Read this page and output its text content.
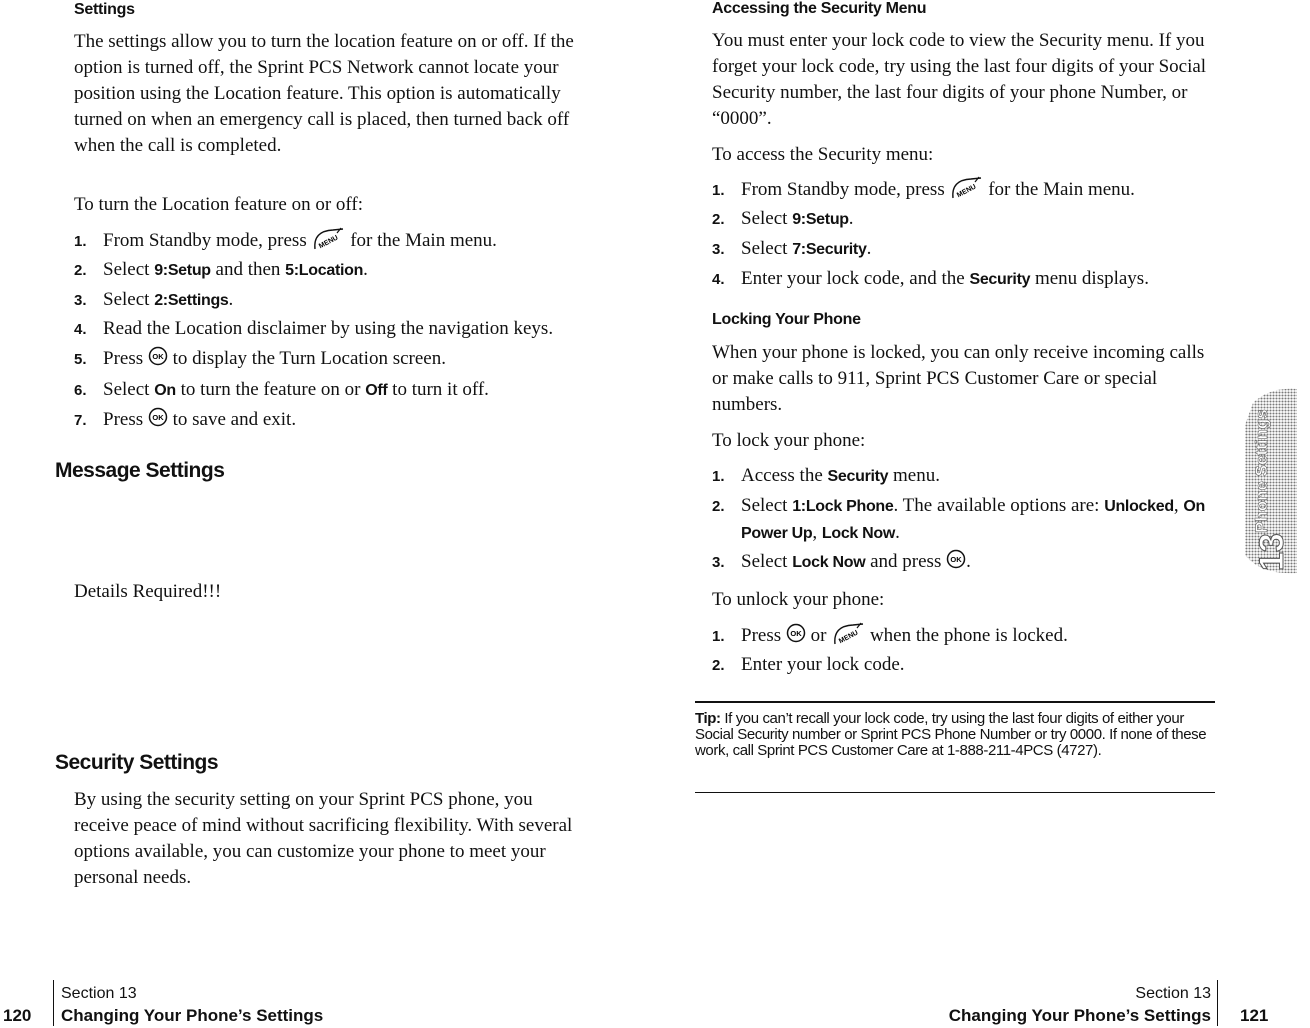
Settings
The settings allow you to turn the location feature on or off. If the option is turned off, the Sprint PCS Network cannot locate your position using the Location feature. This option is automatically turned on when an emergency call is placed, then turned back off when the call is completed.
To turn the Location feature on or off:
1. From Standby mode, press MENU for the Main menu.
2. Select 9:Setup and then 5:Location.
3. Select 2:Settings.
4. Read the Location disclaimer by using the navigation keys.
5. Press OK to display the Turn Location screen.
6. Select On to turn the feature on or Off to turn it off.
7. Press OK to save and exit.
Message Settings
Details Required!!!
Security Settings
By using the security setting on your Sprint PCS phone, you receive peace of mind without sacrificing flexibility. With several options available, you can customize your phone to meet your personal needs.
Accessing the Security Menu
You must enter your lock code to view the Security menu. If you forget your lock code, try using the last four digits of your Social Security number, the last four digits of your phone Number, or “0000”.
To access the Security menu:
1. From Standby mode, press MENU for the Main menu.
2. Select 9:Setup.
3. Select 7:Security.
4. Enter your lock code, and the Security menu displays.
Locking Your Phone
When your phone is locked, you can only receive incoming calls or make calls to 911, Sprint PCS Customer Care or special numbers.
To lock your phone:
1. Access the Security menu.
2. Select 1:Lock Phone. The available options are: Unlocked, On
Power Up, Lock Now.
3. Select Lock Now and press OK .
To unlock your phone:
1. Press OK or MENU when the phone is locked.
2. Enter your lock code.
Tip: If you can’t recall your lock code, try using the last four digits of either your Social Security number or Sprint PCS Phone Number or try 0000. If none of these work, call Sprint PCS Customer Care at 1-888-211-4PCS (4727).
13
Phone Settings
120
Section 13
Changing Your Phone’s Settings
Section 13
Changing Your Phone’s Settings 121
